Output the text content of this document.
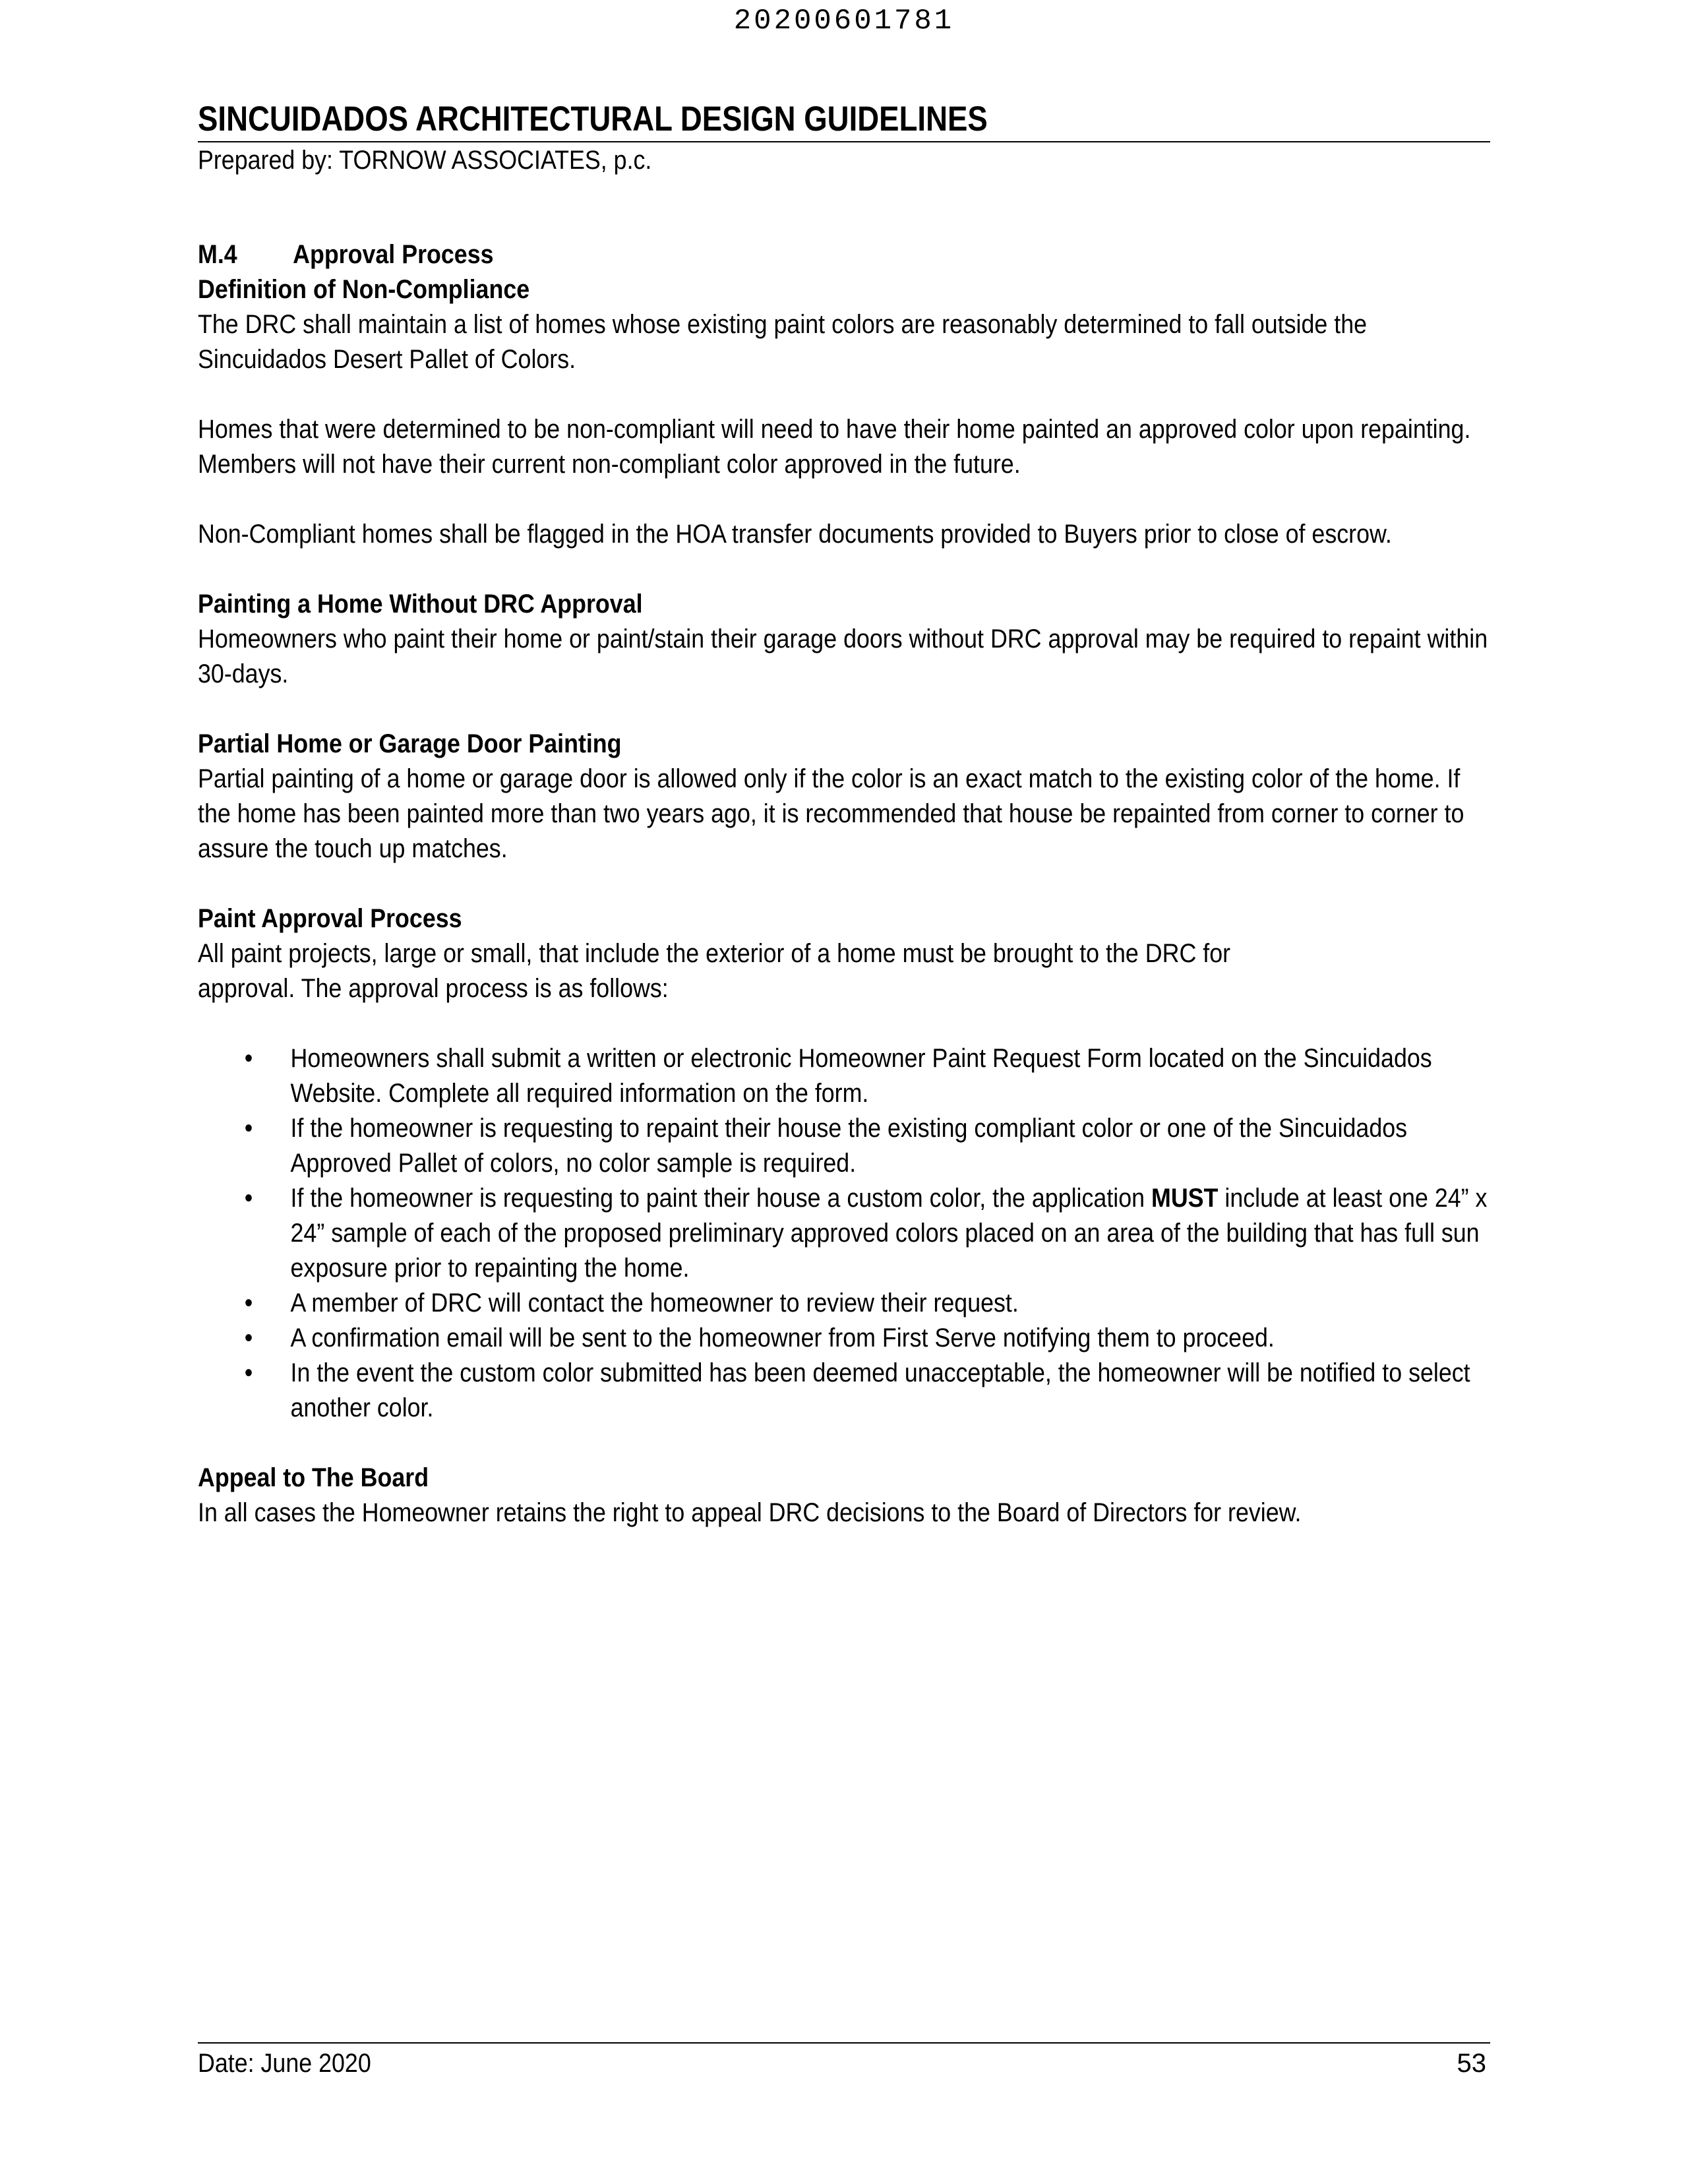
20200601781
SINCUIDADOS ARCHITECTURAL DESIGN GUIDELINES
Prepared by: TORNOW ASSOCIATES, p.c.
M.4 Approval Process
Definition of Non-Compliance

The DRC shall maintain a list of homes whose existing paint colors are reasonably determined to fall outside the Sincuidados Desert Pallet of Colors.

Homes that were determined to be non-compliant will need to have their home painted an approved color upon repainting. Members will not have their current non-compliant color approved in the future.

Non-Compliant homes shall be flagged in the HOA transfer documents provided to Buyers prior to close of escrow.

Painting a Home Without DRC Approval

Homeowners who paint their home or paint/stain their garage doors without DRC approval may be required to repaint within 30-days.

Partial Home or Garage Door Painting

Partial painting of a home or garage door is allowed only if the color is an exact match to the existing color of the home. If the home has been painted more than two years ago, it is recommended that house be repainted from corner to corner to assure the touch up matches.

Paint Approval Process
All paint projects, large or small, that include the exterior of a home must be brought to the DRC for
approval. The approval process is as follows:
• Homeowners shall submit a written or electronic Homeowner Paint Request Form located on the Sincuidados Website. Complete all required information on the form.
• If the homeowner is requesting to repaint their house the existing compliant color or one of the Sincuidados Approved Pallet of colors, no color sample is required.
• If the homeowner is requesting to paint their house a custom color, the application MUST include at least one 24” x 24” sample of each of the proposed preliminary approved colors placed on an area of the building that has full sun exposure prior to repainting the home.
• A member of DRC will contact the homeowner to review their request.
• A confirmation email will be sent to the homeowner from First Serve notifying them to proceed.
• In the event the custom color submitted has been deemed unacceptable, the homeowner will be notified to select another color.
Appeal to The Board

In all cases the Homeowner retains the right to appeal DRC decisions to the Board of Directors for review.

Date: June 2020	53
